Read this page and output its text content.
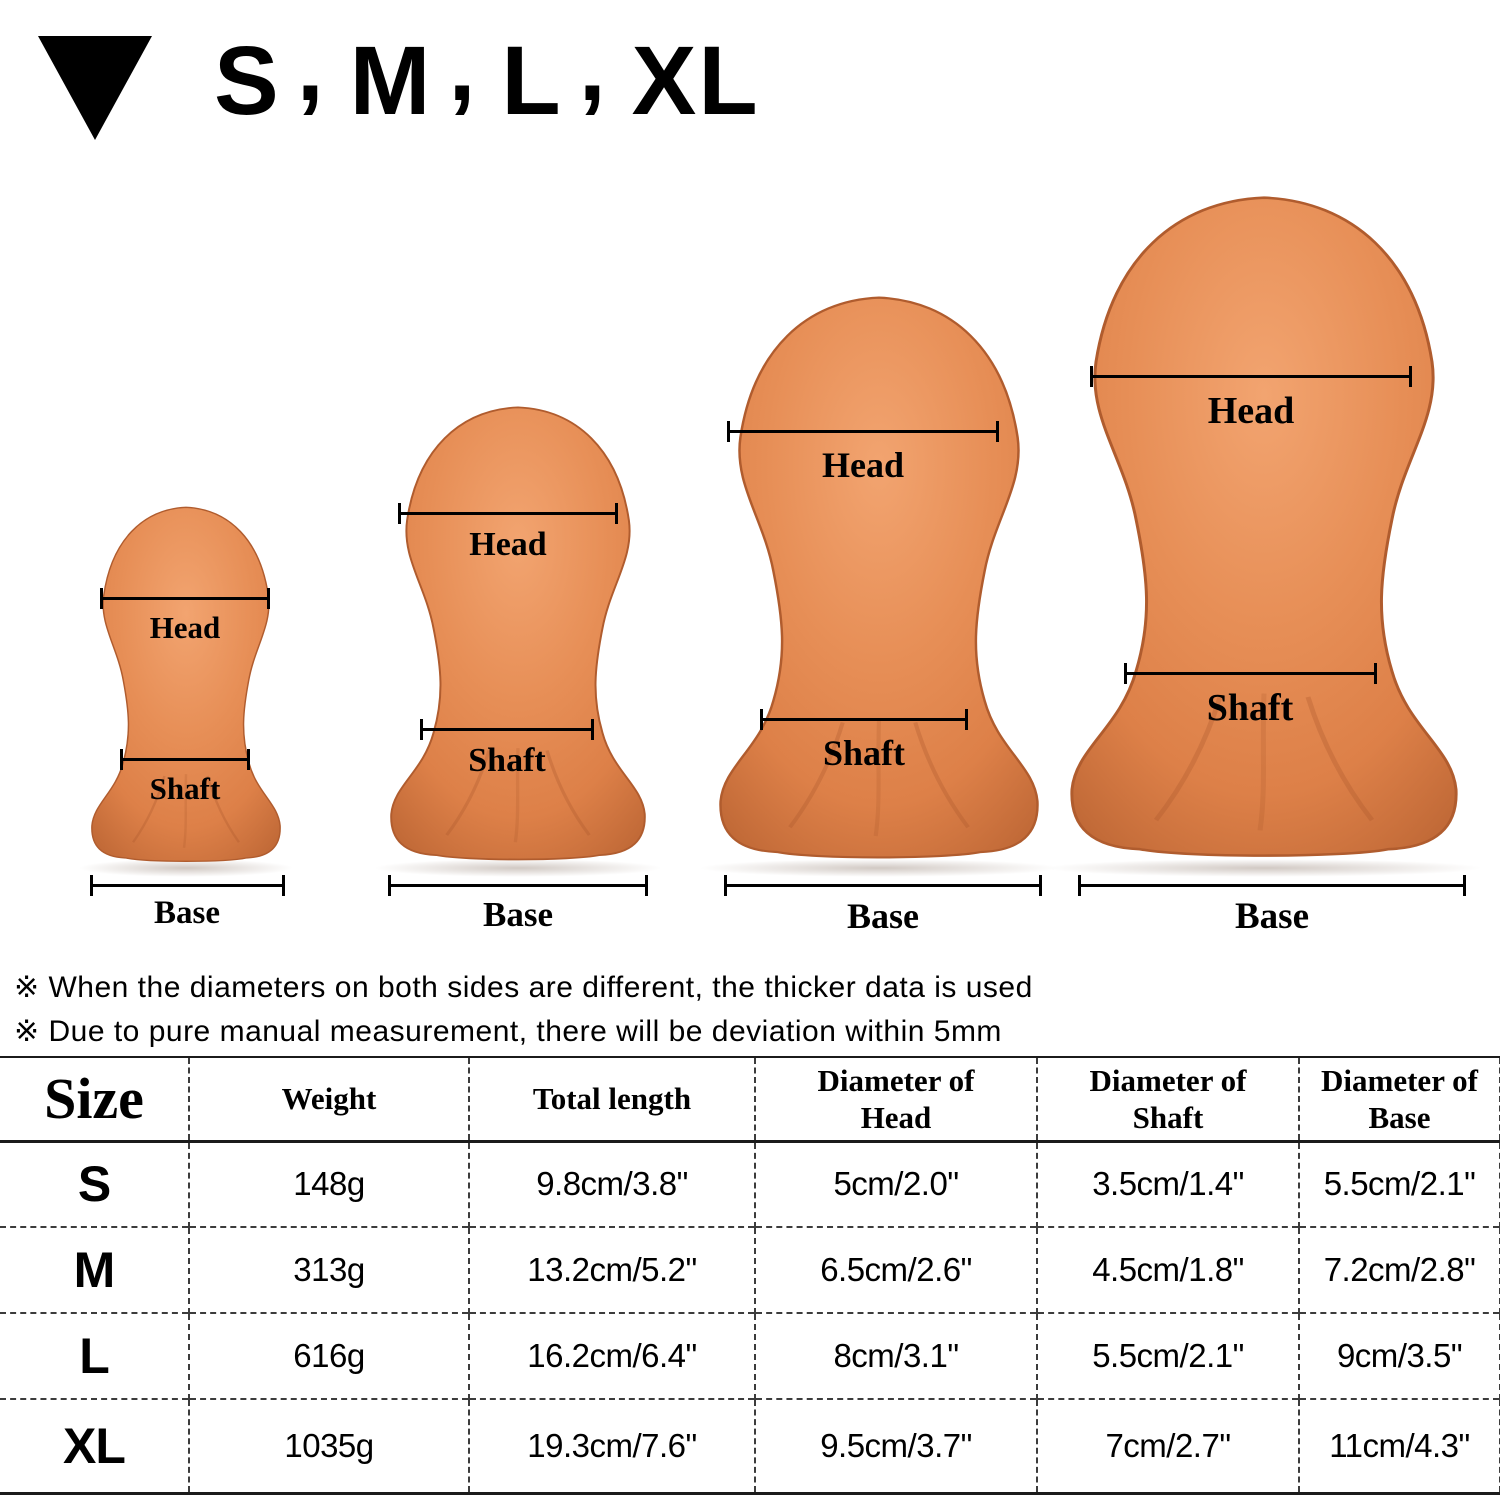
S , M , L , XL
Head
Shaft
Base
Head
Shaft
Base
Head
Shaft
Base
Head
Shaft
Base

※ When the diameters on both sides are different, the thicker data is used

※ Due to pure manual measurement, there will be deviation within 5mm

Size	Weight	Total length	Diameter of Head	Diameter of Shaft	Diameter of Base
S	148g	9.8cm/3.8"	5cm/2.0"	3.5cm/1.4"	5.5cm/2.1"
M	313g	13.2cm/5.2"	6.5cm/2.6"	4.5cm/1.8"	7.2cm/2.8"
L	616g	16.2cm/6.4"	8cm/3.1"	5.5cm/2.1"	9cm/3.5"
XL	1035g	19.3cm/7.6"	9.5cm/3.7"	7cm/2.7"	11cm/4.3"
